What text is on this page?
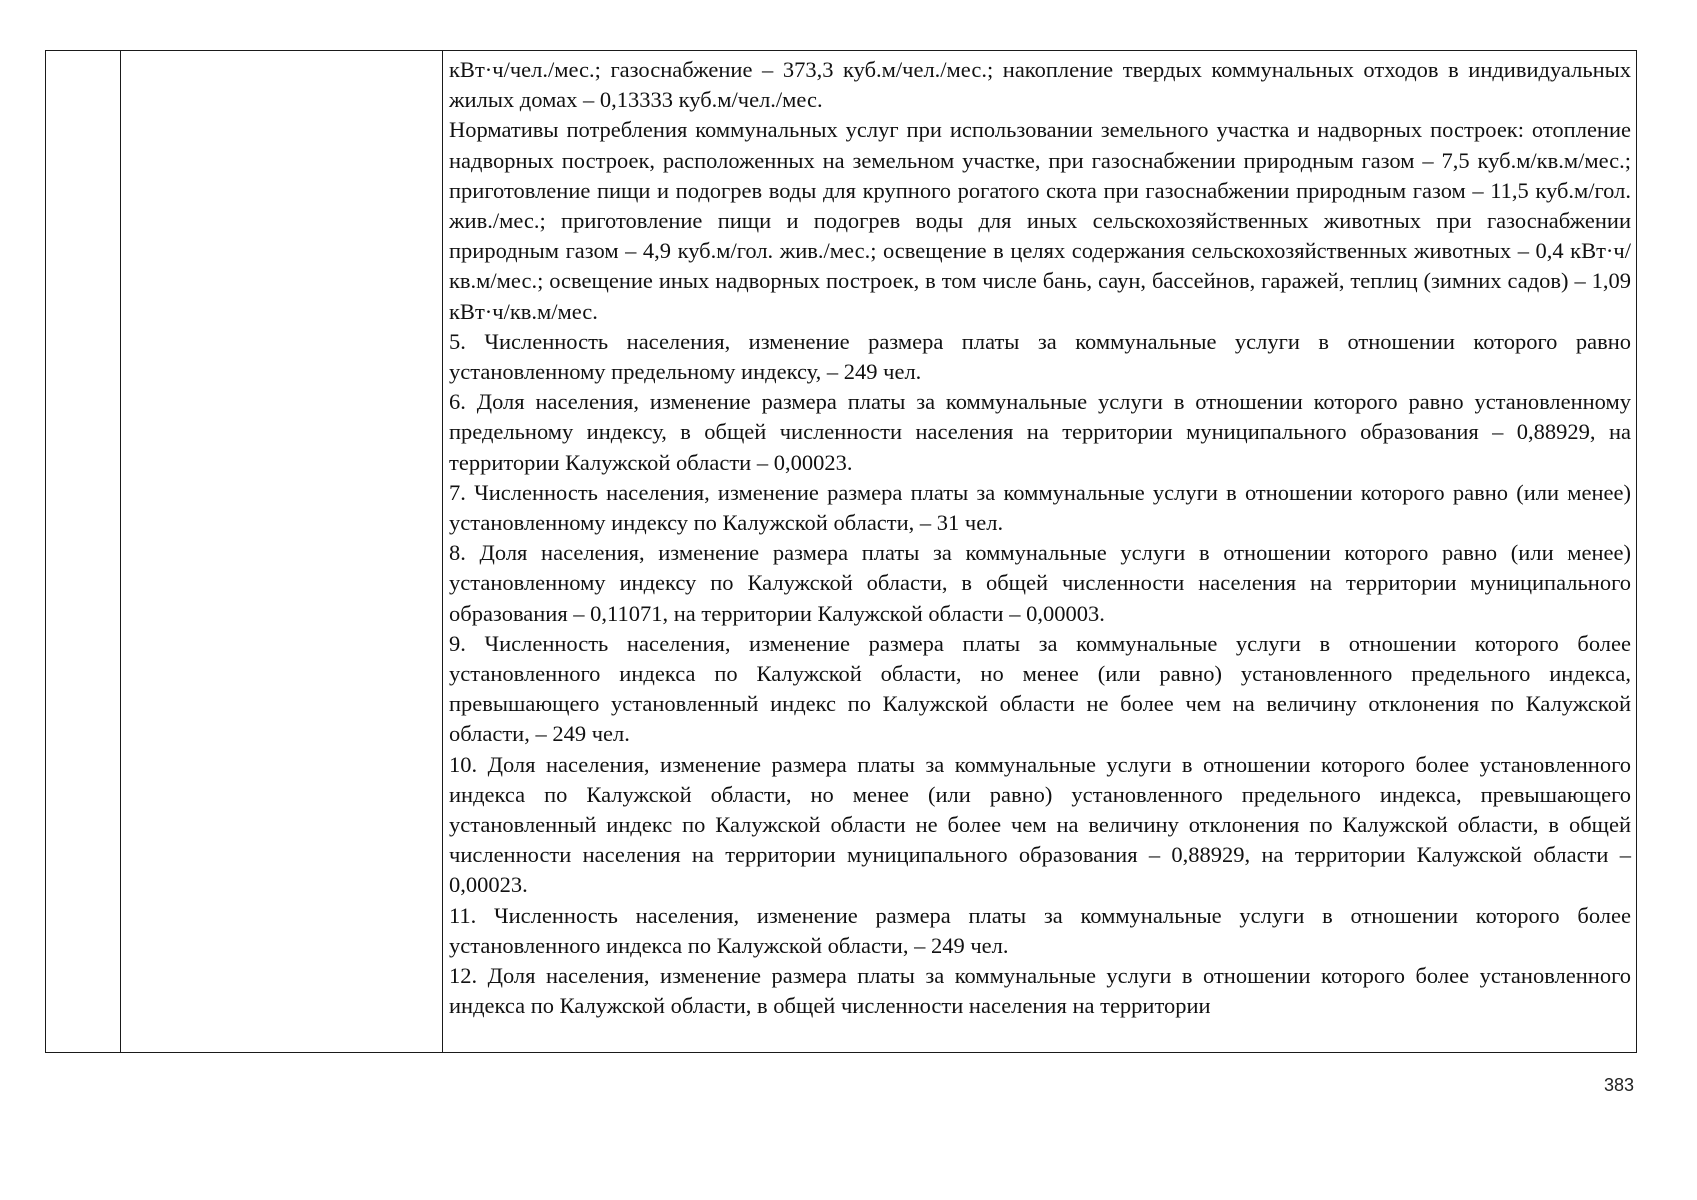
кВт·ч/чел./мес.; газоснабжение – 373,3 куб.м/чел./мес.; накопление твердых коммунальных отходов в индивидуальных жилых домах – 0,13333 куб.м/чел./мес.

Нормативы потребления коммунальных услуг при использовании земельного участка и надворных построек: отопление надворных построек, расположенных на земельном участке, при газоснабжении природным газом – 7,5 куб.м/кв.м/мес.; приготовление пищи и подогрев воды для крупного рогатого скота при газоснабжении природным газом – 11,5 куб.м/гол. жив./мес.; приготовление пищи и подогрев воды для иных сельскохозяйственных животных при газоснабжении природным газом – 4,9 куб.м/гол. жив./мес.; освещение в целях содержания сельскохозяйственных животных – 0,4 кВт·ч/кв.м/мес.; освещение иных надворных построек, в том числе бань, саун, бассейнов, гаражей, теплиц (зимних садов) – 1,09 кВт·ч/кв.м/мес.

5. Численность населения, изменение размера платы за коммунальные услуги в отношении которого равно установленному предельному индексу, – 249 чел.

6. Доля населения, изменение размера платы за коммунальные услуги в отношении которого равно установленному предельному индексу, в общей численности населения на территории муниципального образования – 0,88929, на территории Калужской области – 0,00023.

7. Численность населения, изменение размера платы за коммунальные услуги в отношении которого равно (или менее) установленному индексу по Калужской области, – 31 чел.

8. Доля населения, изменение размера платы за коммунальные услуги в отношении которого равно (или менее) установленному индексу по Калужской области, в общей численности населения на территории муниципального образования – 0,11071, на территории Калужской области – 0,00003.

9. Численность населения, изменение размера платы за коммунальные услуги в отношении которого более установленного индекса по Калужской области, но менее (или равно) установленного предельного индекса, превышающего установленный индекс по Калужской области не более чем на величину отклонения по Калужской области, – 249 чел.

10. Доля населения, изменение размера платы за коммунальные услуги в отношении которого более установленного индекса по Калужской области, но менее (или равно) установленного предельного индекса, превышающего установленный индекс по Калужской области не более чем на величину отклонения по Калужской области, в общей численности населения на территории муниципального образования – 0,88929, на территории Калужской области – 0,00023.

11. Численность населения, изменение размера платы за коммунальные услуги в отношении которого более установленного индекса по Калужской области, – 249 чел.

12. Доля населения, изменение размера платы за коммунальные услуги в отношении которого более установленного индекса по Калужской области, в общей численности населения на территории

383
